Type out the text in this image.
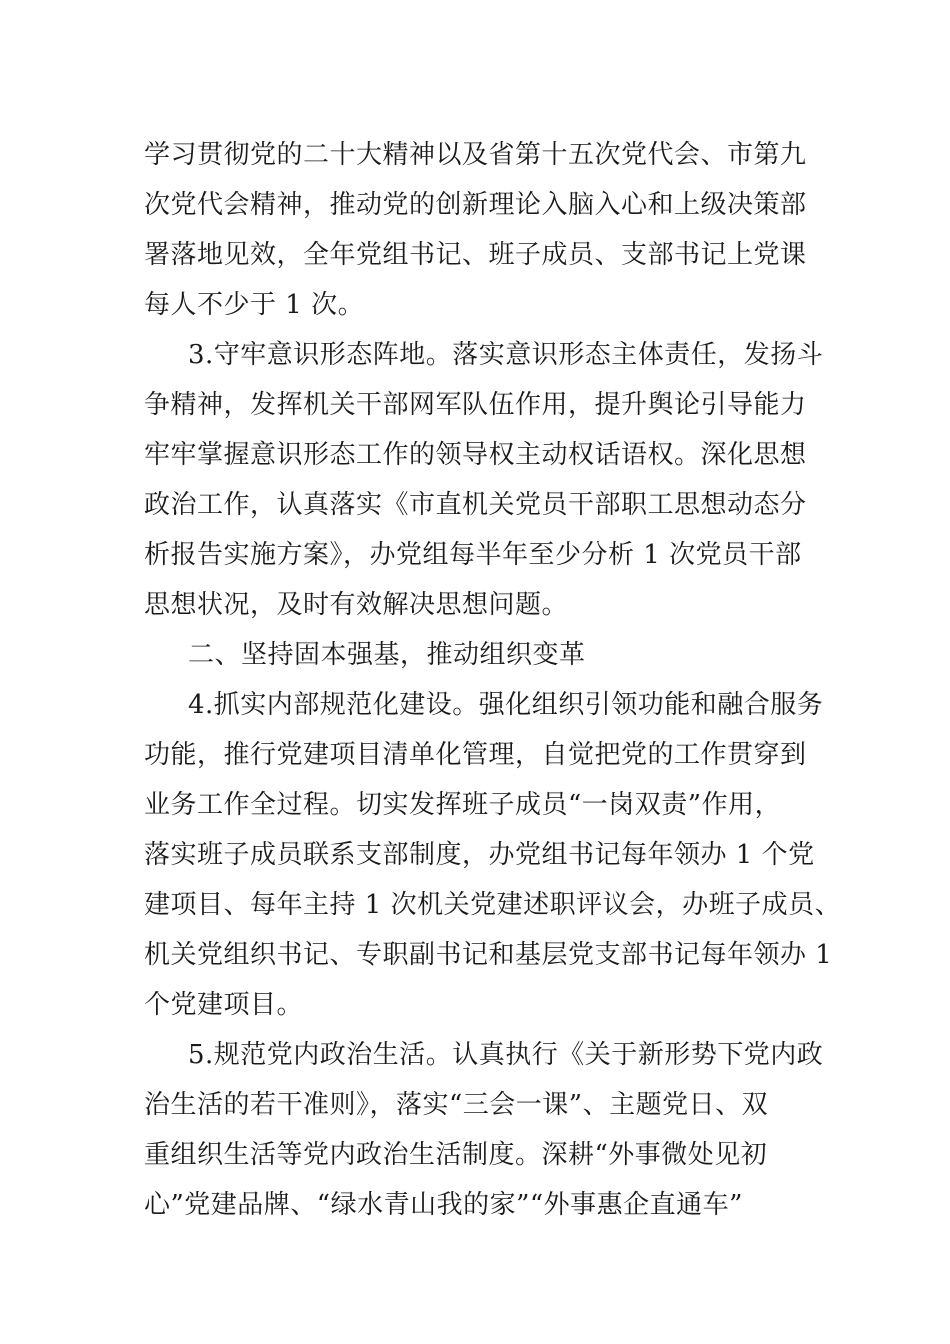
学习贯彻党的二十大精神以及省第十五次党代会、市第九
次党代会精神，推动党的创新理论入脑入心和上级决策部
署落地见效，全年党组书记、班子成员、支部书记上党课
每人不少于 1 次。
3.守牢意识形态阵地。落实意识形态主体责任，发扬斗
争精神，发挥机关干部网军队伍作用，提升舆论引导能力
牢牢掌握意识形态工作的领导权主动权话语权。深化思想
政治工作，认真落实《市直机关党员干部职工思想动态分
析报告实施方案》，办党组每半年至少分析 1 次党员干部
思想状况，及时有效解决思想问题。
二、坚持固本强基，推动组织变革
4.抓实内部规范化建设。强化组织引领功能和融合服务
功能，推行党建项目清单化管理，自觉把党的工作贯穿到
业务工作全过程。切实发挥班子成员“一岗双责”作用，
落实班子成员联系支部制度，办党组书记每年领办 1 个党
建项目、每年主持 1 次机关党建述职评议会，办班子成员、
机关党组织书记、专职副书记和基层党支部书记每年领办 1
个党建项目。
5.规范党内政治生活。认真执行《关于新形势下党内政
治生活的若干准则》，落实“三会一课”、主题党日、双
重组织生活等党内政治生活制度。深耕“外事微处见初
心”党建品牌、“绿水青山我的家”“外事惠企直通车”
